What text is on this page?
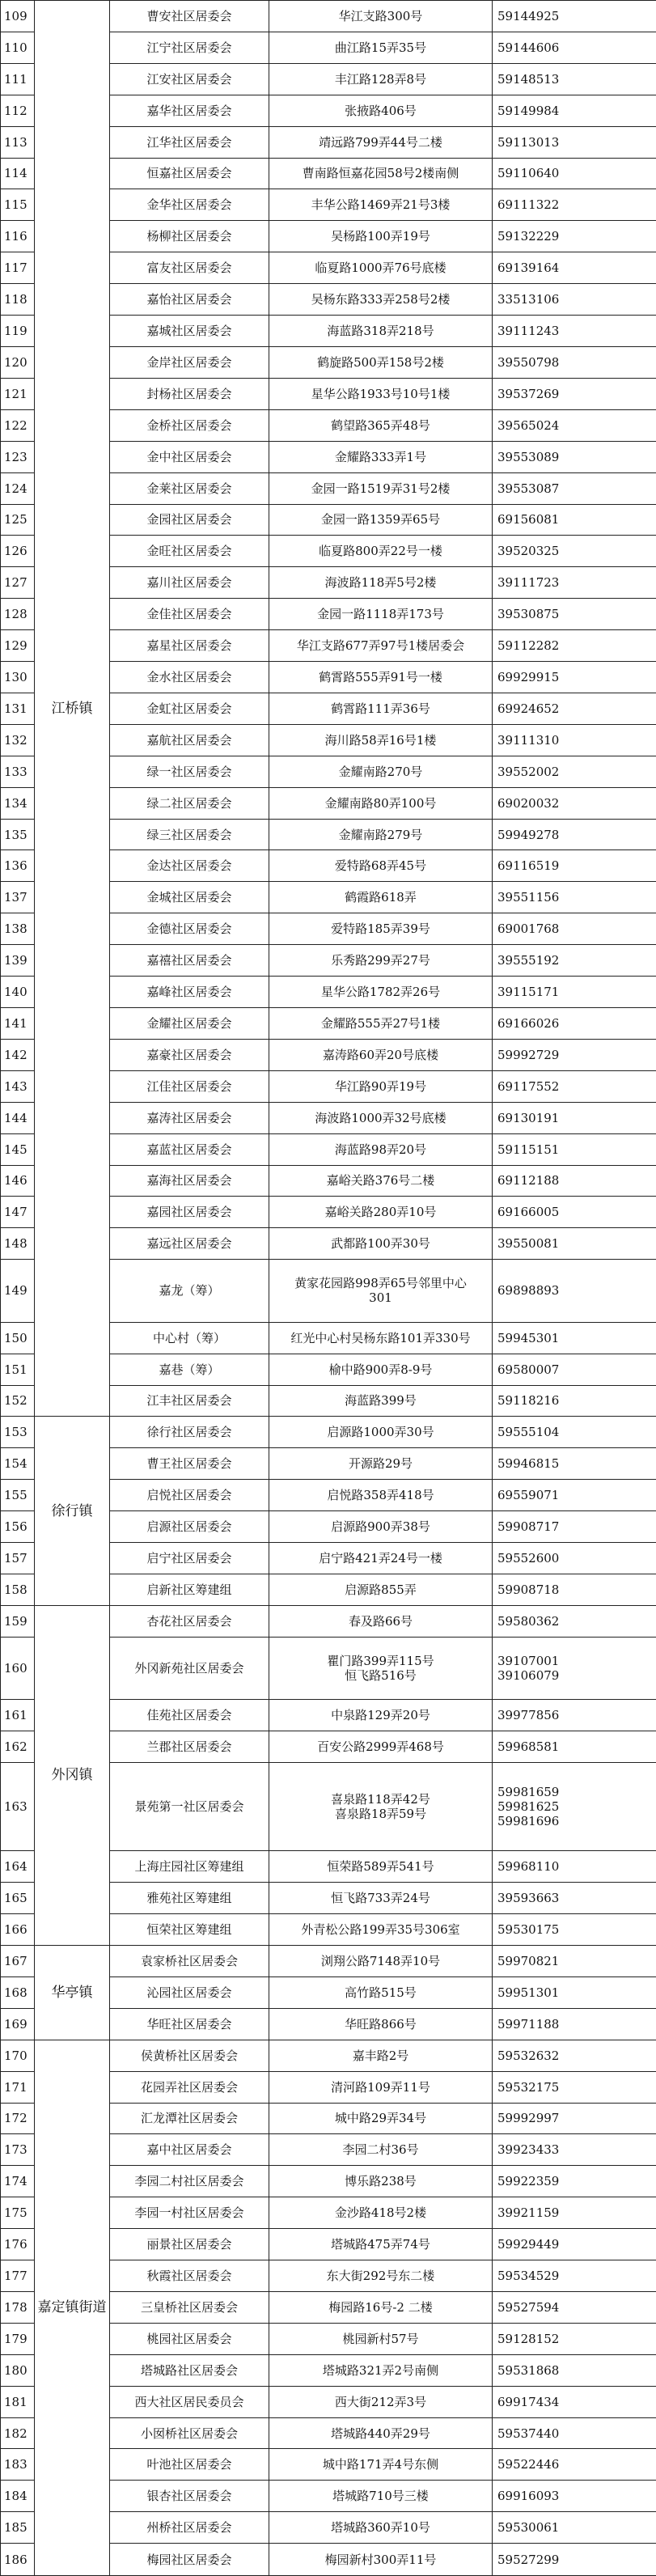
109	江桥镇	曹安社区居委会	华江支路300号	59144925

110		江宁社区居委会	曲江路15弄35号	59144606

111		江安社区居委会	丰江路128弄8号	59148513

112		嘉华社区居委会	张掖路406号	59149984

113		江华社区居委会	靖远路799弄44号二楼	59113013

114		恒嘉社区居委会	曹南路恒嘉花园58号2楼南侧	59110640

115		金华社区居委会	丰华公路1469弄21号3楼	69111322

116		杨柳社区居委会	吴杨路100弄19号	59132229

117		富友社区居委会	临夏路1000弄76号底楼	69139164

118		嘉怡社区居委会	吴杨东路333弄258号2楼	33513106

119		嘉城社区居委会	海蓝路318弄218号	39111243

120		金岸社区居委会	鹤旋路500弄158号2楼	39550798

121		封杨社区居委会	星华公路1933号10号1楼	39537269

122		金桥社区居委会	鹤望路365弄48号	39565024

123		金中社区居委会	金耀路333弄1号	39553089

124		金莱社区居委会	金园一路1519弄31号2楼	39553087

125		金园社区居委会	金园一路1359弄65号	69156081

126		金旺社区居委会	临夏路800弄22号一楼	39520325

127		嘉川社区居委会	海波路118弄5号2楼	39111723

128		金佳社区居委会	金园一路1118弄173号	39530875

129		嘉星社区居委会	华江支路677弄97号1楼居委会	59112282

130		金水社区居委会	鹤霄路555弄91号一楼	69929915

131		金虹社区居委会	鹤霄路111弄36号	69924652

132		嘉航社区居委会	海川路58弄16号1楼	39111310

133		绿一社区居委会	金耀南路270号	39552002

134		绿二社区居委会	金耀南路80弄100号	69020032

135		绿三社区居委会	金耀南路279号	59949278

136		金达社区居委会	爱特路68弄45号	69116519

137		金城社区居委会	鹤霞路618弄	39551156

138		金德社区居委会	爱特路185弄39号	69001768

139		嘉禧社区居委会	乐秀路299弄27号	39555192

140		嘉峰社区居委会	星华公路1782弄26号	39115171

141		金耀社区居委会	金耀路555弄27号1楼	69166026

142		嘉豪社区居委会	嘉涛路60弄20号底楼	59992729

143		江佳社区居委会	华江路90弄19号	69117552

144		嘉涛社区居委会	海波路1000弄32号底楼	69130191

145		嘉蓝社区居委会	海蓝路98弄20号	59115151

146		嘉海社区居委会	嘉峪关路376号二楼	69112188

147		嘉园社区居委会	嘉峪关路280弄10号	69166005

148		嘉远社区居委会	武都路100弄30号	39550081

149		嘉龙（筹）	黄家花园路998弄65号邻里中心
301	69898893

150		中心村（筹）	红光中心村吴杨东路101弄330号	59945301

151		嘉巷（筹）	榆中路900弄8-9号	69580007

152		江丰社区居委会	海蓝路399号	59118216

153	徐行镇	徐行社区居委会	启源路1000弄30号	59555104

154		曹王社区居委会	开源路29号	59946815

155		启悦社区居委会	启悦路358弄418号	69559071

156		启源社区居委会	启源路900弄38号	59908717

157		启宁社区居委会	启宁路421弄24号一楼	59552600

158		启新社区筹建组	启源路855弄	59908718

159	外冈镇	杏花社区居委会	春及路66号	59580362

160		外冈新苑社区居委会	瞿门路399弄115号
恒飞路516号	39107001
39106079

161		佳苑社区居委会	中泉路129弄20号	39977856

162		兰郡社区居委会	百安公路2999弄468号	59968581

163		景苑第一社区居委会	喜泉路118弄42号
喜泉路18弄59号	59981659
59981625
59981696

164		上海庄园社区筹建组	恒荣路589弄541号	59968110

165		雅苑社区筹建组	恒飞路733弄24号	39593663

166		恒荣社区筹建组	外青松公路199弄35号306室	59530175

167	华亭镇	袁家桥社区居委会	浏翔公路7148弄10号	59970821

168		沁园社区居委会	高竹路515号	59951301

169		华旺社区居委会	华旺路866号	59971188

170	嘉定镇街道	侯黄桥社区居委会	嘉丰路2号	59532632

171		花园弄社区居委会	清河路109弄11号	59532175

172		汇龙潭社区居委会	城中路29弄34号	59992997

173		嘉中社区居委会	李园二村36号	39923433

174		李园二村社区居委会	博乐路238号	59922359

175		李园一村社区居委会	金沙路418号2楼	39921159

176		丽景社区居委会	塔城路475弄74号	59929449

177		秋霞社区居委会	东大街292号东二楼	59534529

178		三皇桥社区居委会	梅园路16号-2 二楼	59527594

179		桃园社区居委会	桃园新村57号	59128152

180		塔城路社区居委会	塔城路321弄2号南侧	59531868

181		西大社区居民委员会	西大街212弄3号	69917434

182		小囡桥社区居委会	塔城路440弄29号	59537440

183		叶池社区居委会	城中路171弄4号东侧	59522446

184		银杏社区居委会	塔城路710号三楼	69916093

185		州桥社区居委会	塔城路360弄10号	59530061

186		梅园社区居委会	梅园新村300弄11号	59527299
